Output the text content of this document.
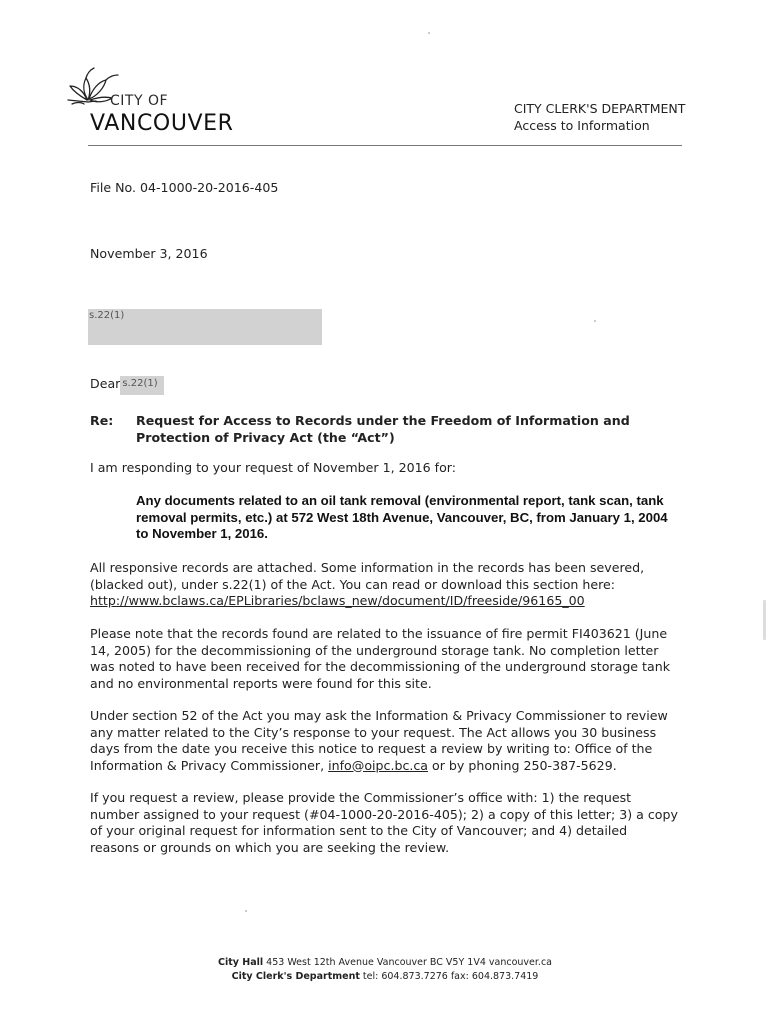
CITY OF
VANCOUVER
CITY CLERK'S DEPARTMENT
Access to Information
File No. 04-1000-20-2016-405
November 3, 2016
s.22(1)
Dear s.22(1)
Re: Request for Access to Records under the Freedom of Information and Protection of Privacy Act (the “Act”)
I am responding to your request of November 1, 2016 for:
Any documents related to an oil tank removal (environmental report, tank scan, tank removal permits, etc.) at 572 West 18th Avenue, Vancouver, BC, from January 1, 2004 to November 1, 2016.
All responsive records are attached. Some information in the records has been severed, (blacked out), under s.22(1) of the Act. You can read or download this section here: http://www.bclaws.ca/EPLibraries/bclaws_new/document/ID/freeside/96165_00
Please note that the records found are related to the issuance of fire permit FI403621 (June 14, 2005) for the decommissioning of the underground storage tank. No completion letter was noted to have been received for the decommissioning of the underground storage tank and no environmental reports were found for this site.
Under section 52 of the Act you may ask the Information & Privacy Commissioner to review any matter related to the City’s response to your request. The Act allows you 30 business days from the date you receive this notice to request a review by writing to: Office of the Information & Privacy Commissioner, info@oipc.bc.ca or by phoning 250-387-5629.
If you request a review, please provide the Commissioner’s office with: 1) the request number assigned to your request (#04-1000-20-2016-405); 2) a copy of this letter; 3) a copy of your original request for information sent to the City of Vancouver; and 4) detailed reasons or grounds on which you are seeking the review.
City Hall 453 West 12th Avenue Vancouver BC V5Y 1V4 vancouver.ca
City Clerk's Department tel: 604.873.7276 fax: 604.873.7419
